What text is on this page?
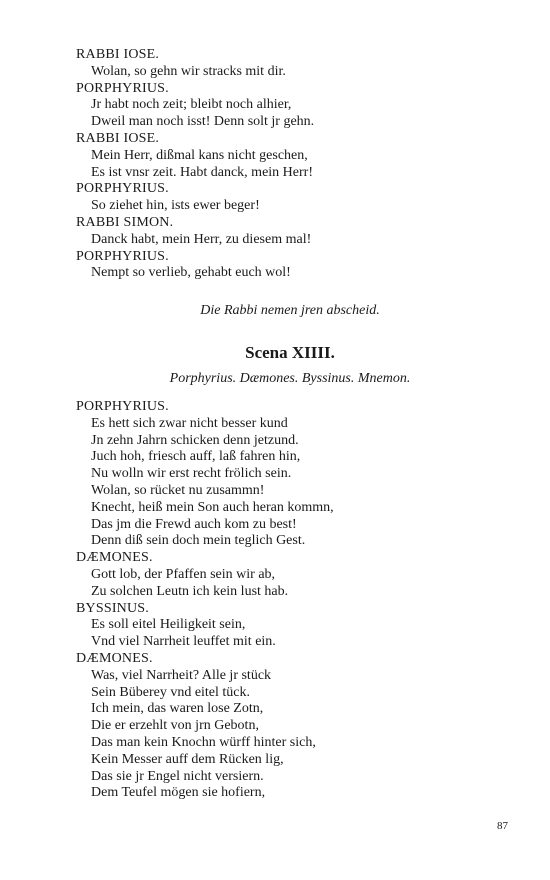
RABBI IOSE.
Wolan, so gehn wir stracks mit dir.
PORPHYRIUS.
Jr habt noch zeit; bleibt noch alhier,
Dweil man noch isst! Denn solt jr gehn.
RABBI IOSE.
Mein Herr, dißmal kans nicht geschen,
Es ist vnsr zeit. Habt danck, mein Herr!
PORPHYRIUS.
So ziehet hin, ists ewer beger!
RABBI SIMON.
Danck habt, mein Herr, zu diesem mal!
PORPHYRIUS.
Nempt so verlieb, gehabt euch wol!
Die Rabbi nemen jren abscheid.
Scena XIIII.
Porphyrius. Dæmones. Byssinus. Mnemon.
PORPHYRIUS.
Es hett sich zwar nicht besser kund
Jn zehn Jahrn schicken denn jetzund.
Juch hoh, friesch auff, laß fahren hin,
Nu wolln wir erst recht frölich sein.
Wolan, so rücket nu zusammn!
Knecht, heiß mein Son auch heran kommn,
Das jm die Frewd auch kom zu best!
Denn diß sein doch mein teglich Gest.
DÆMONES.
Gott lob, der Pfaffen sein wir ab,
Zu solchen Leutn ich kein lust hab.
BYSSINUS.
Es soll eitel Heiligkeit sein,
Vnd viel Narrheit leuffet mit ein.
DÆMONES.
Was, viel Narrheit? Alle jr stück
Sein Büberey vnd eitel tück.
Ich mein, das waren lose Zotn,
Die er erzehlt von jrn Gebotn,
Das man kein Knochn würff hinter sich,
Kein Messer auff dem Rücken lig,
Das sie jr Engel nicht versiern.
Dem Teufel mögen sie hofiern,
87
